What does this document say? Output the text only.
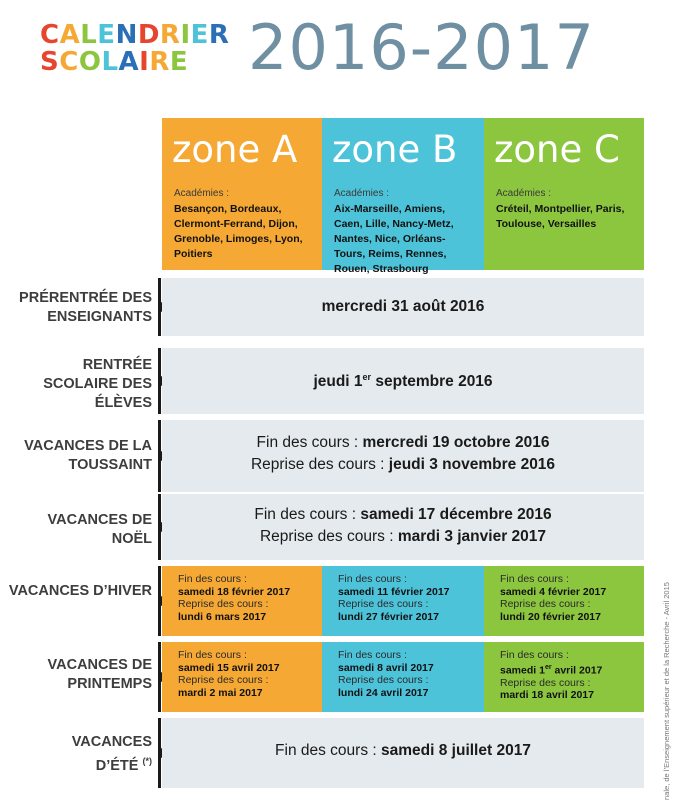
CALENDRIER
SCOLAIRE 2016-2017
zone A
Académies :
Besançon, Bordeaux, Clermont-Ferrand, Dijon, Grenoble, Limoges, Lyon, Poitiers
zone B
Académies :
Aix-Marseille, Amiens, Caen, Lille, Nancy-Metz, Nantes, Nice, Orléans-Tours, Reims, Rennes, Rouen, Strasbourg
zone C
Académies :
Créteil, Montpellier, Paris, Toulouse, Versailles
PRÉRENTRÉE DES ENSEIGNANTS
mercredi 31 août 2016
RENTRÉE SCOLAIRE DES ÉLÈVES
jeudi 1er septembre 2016
VACANCES DE LA TOUSSAINT
Fin des cours : mercredi 19 octobre 2016
Reprise des cours : jeudi 3 novembre 2016
VACANCES DE NOËL
Fin des cours : samedi 17 décembre 2016
Reprise des cours : mardi 3 janvier 2017
VACANCES D’HIVER
Fin des cours :
samedi 18 février 2017
Reprise des cours :
lundi 6 mars 2017
Fin des cours :
samedi 11 février 2017
Reprise des cours :
lundi 27 février 2017
Fin des cours :
samedi 4 février 2017
Reprise des cours :
lundi 20 février 2017
VACANCES DE PRINTEMPS
Fin des cours :
samedi 15 avril 2017
Reprise des cours :
mardi 2 mai 2017
Fin des cours :
samedi 8 avril 2017
Reprise des cours :
lundi 24 avril 2017
Fin des cours :
samedi 1er avril 2017
Reprise des cours :
mardi 18 avril 2017
VACANCES
D’ÉTÉ (*)
Fin des cours : samedi 8 juillet 2017	nale, de l’Enseignement supérieur et de la Recherche - Avril 2015
